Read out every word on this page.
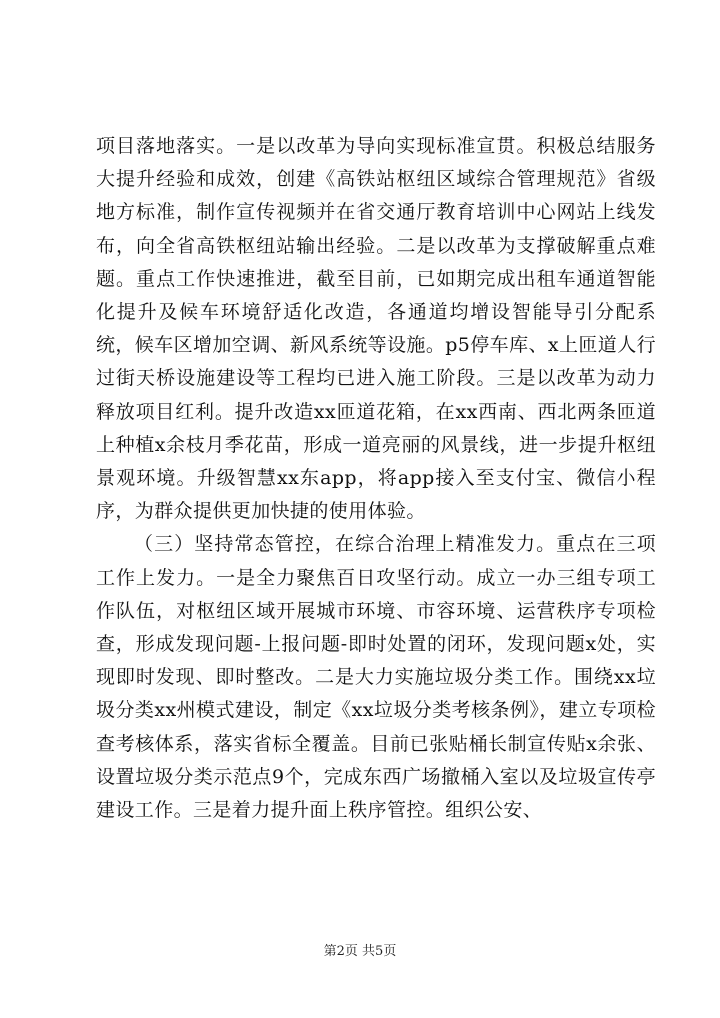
项目落地落实。一是以改革为导向实现标准宣贯。积极总结服务大提升经验和成效，创建《高铁站枢纽区域综合管理规范》省级地方标准，制作宣传视频并在省交通厅教育培训中心网站上线发布，向全省高铁枢纽站输出经验。二是以改革为支撑破解重点难题。重点工作快速推进，截至目前，已如期完成出租车通道智能化提升及候车环境舒适化改造，各通道均增设智能导引分配系统，候车区增加空调、新风系统等设施。p5停车库、x上匝道人行过街天桥设施建设等工程均已进入施工阶段。三是以改革为动力释放项目红利。提升改造xx匝道花箱，在xx西南、西北两条匝道上种植x余枝月季花苗，形成一道亮丽的风景线，进一步提升枢纽景观环境。升级智慧xx东app，将app接入至支付宝、微信小程序，为群众提供更加快捷的使用体验。

（三）坚持常态管控，在综合治理上精准发力。重点在三项工作上发力。一是全力聚焦百日攻坚行动。成立一办三组专项工作队伍，对枢纽区域开展城市环境、市容环境、运营秩序专项检查，形成发现问题-上报问题-即时处置的闭环，发现问题x处，实现即时发现、即时整改。二是大力实施垃圾分类工作。围绕xx垃圾分类xx州模式建设，制定《xx垃圾分类考核条例》，建立专项检查考核体系，落实省标全覆盖。目前已张贴桶长制宣传贴x余张、设置垃圾分类示范点9个，完成东西广场撤桶入室以及垃圾宣传亭建设工作。三是着力提升面上秩序管控。组织公安、

第2页 共5页
